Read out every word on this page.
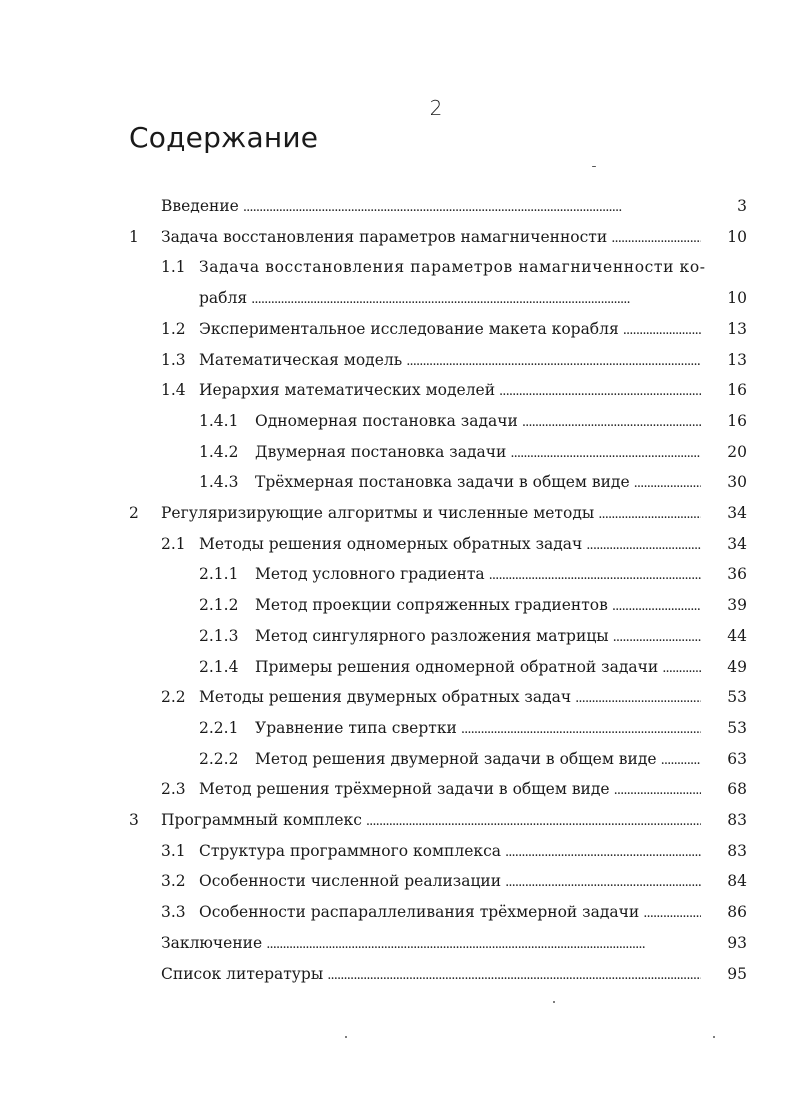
2
Содержание
Введение . . .	3
1 Задача восстановления параметров намагниченности . . .	10
1.1 Задача восстановления параметров намагниченности ко-
рабля . . .	10
1.2 Экспериментальное исследование макета корабля . . .	13
1.3 Математическая модель . . .	13
1.4 Иерархия математических моделей . . .	16
1.4.1 Одномерная постановка задачи . . .	16
1.4.2 Двумерная постановка задачи . . .	20
1.4.3 Трёхмерная постановка задачи в общем виде . . .	30
2 Регуляризирующие алгоритмы и численные методы . . .	34
2.1 Методы решения одномерных обратных задач . . .	34
2.1.1 Метод условного градиента . . .	36
2.1.2 Метод проекции сопряженных градиентов . . .	39
2.1.3 Метод сингулярного разложения матрицы . . .	44
2.1.4 Примеры решения одномерной обратной задачи . . .	49
2.2 Методы решения двумерных обратных задач . . .	53
2.2.1 Уравнение типа свертки . . .	53
2.2.2 Метод решения двумерной задачи в общем виде . . .	63
2.3 Метод решения трёхмерной задачи в общем виде . . .	68
3 Программный комплекс . . .	83
3.1 Структура программного комплекса . . .	83
3.2 Особенности численной реализации . . .	84
3.3 Особенности распараллеливания трёхмерной задачи . . .	86
Заключение . . .	93
Список литературы . . .	95
